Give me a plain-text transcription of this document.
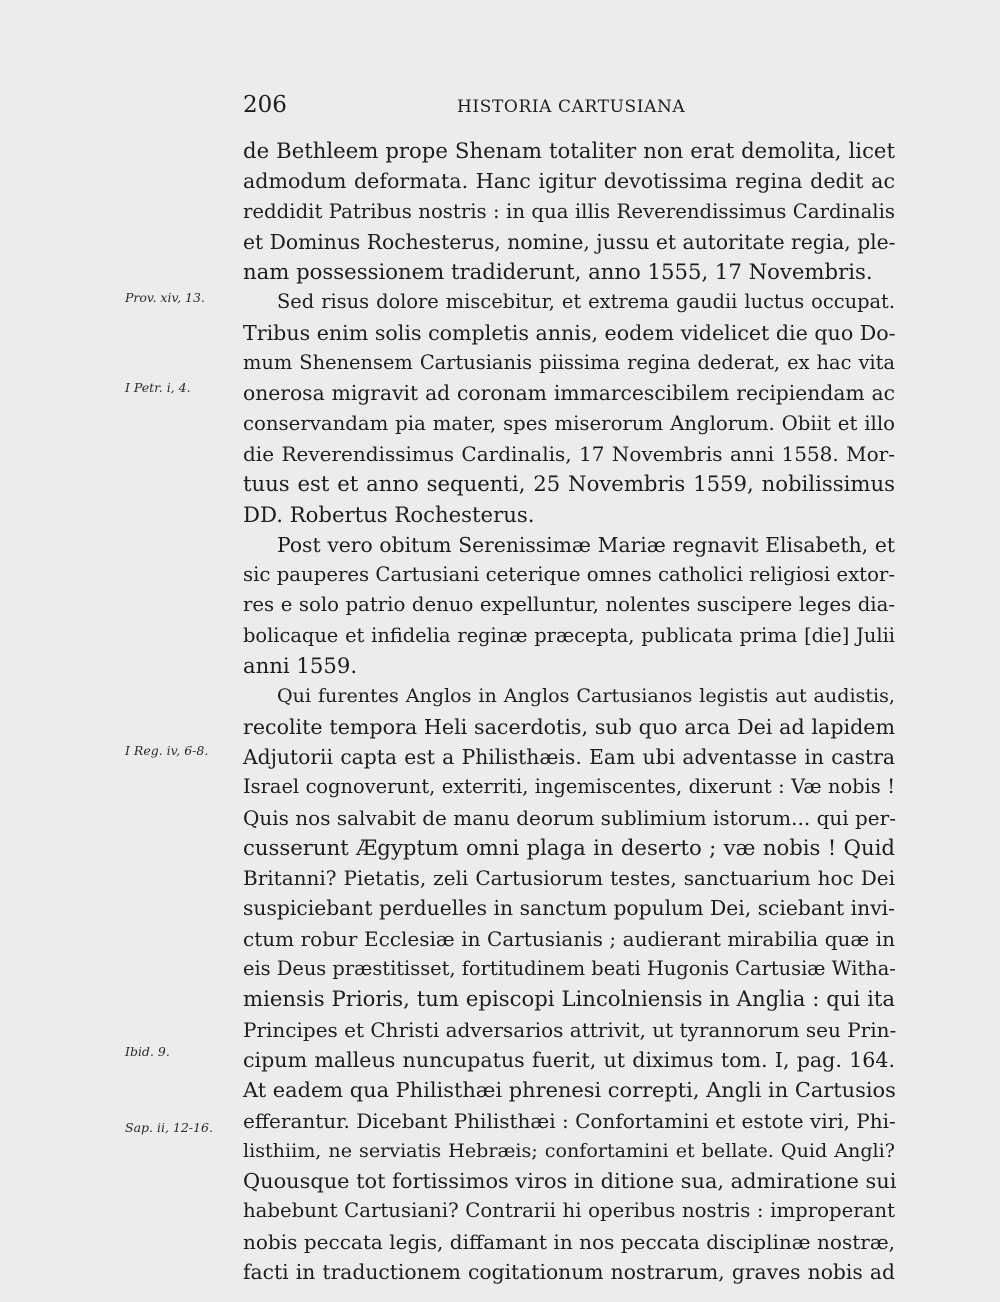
206	HISTORIA CARTUSIANA
Prov. xiv, 13.
I Petr. i, 4.
I Reg. iv, 6-8.
Ibid. 9.
Sap. ii, 12-16.
de Bethleem prope Shenam totaliter non erat demolita, licet
admodum deformata. Hanc igitur devotissima regina dedit ac
reddidit Patribus nostris : in qua illis Reverendissimus Cardinalis
et Dominus Rochesterus, nomine, jussu et autoritate regia, ple-
nam possessionem tradiderunt, anno 1555, 17 Novembris.
Sed risus dolore miscebitur, et extrema gaudii luctus occupat.
Tribus enim solis completis annis, eodem videlicet die quo Do-
mum Shenensem Cartusianis piissima regina dederat, ex hac vita
onerosa migravit ad coronam immarcescibilem recipiendam ac
conservandam pia mater, spes miserorum Anglorum. Obiit et illo
die Reverendissimus Cardinalis, 17 Novembris anni 1558. Mor-
tuus est et anno sequenti, 25 Novembris 1559, nobilissimus
DD. Robertus Rochesterus.
Post vero obitum Serenissimæ Mariæ regnavit Elisabeth, et
sic pauperes Cartusiani ceterique omnes catholici religiosi extor-
res e solo patrio denuo expelluntur, nolentes suscipere leges dia-
bolicaque et infidelia reginæ præcepta, publicata prima [die] Julii
anni 1559.
Qui furentes Anglos in Anglos Cartusianos legistis aut audistis,
recolite tempora Heli sacerdotis, sub quo arca Dei ad lapidem
Adjutorii capta est a Philisthæis. Eam ubi adventasse in castra
Israel cognoverunt, exterriti, ingemiscentes, dixerunt : Væ nobis !
Quis nos salvabit de manu deorum sublimium istorum... qui per-
cusserunt Ægyptum omni plaga in deserto ; væ nobis ! Quid
Britanni? Pietatis, zeli Cartusiorum testes, sanctuarium hoc Dei
suspiciebant perduelles in sanctum populum Dei, sciebant invi-
ctum robur Ecclesiæ in Cartusianis ; audierant mirabilia quæ in
eis Deus præstitisset, fortitudinem beati Hugonis Cartusiæ Witha-
miensis Prioris, tum episcopi Lincolniensis in Anglia : qui ita
Principes et Christi adversarios attrivit, ut tyrannorum seu Prin-
cipum malleus nuncupatus fuerit, ut diximus tom. I, pag. 164.
At eadem qua Philisthæi phrenesi correpti, Angli in Cartusios
efferantur. Dicebant Philisthæi : Confortamini et estote viri, Phi-
listhiim, ne serviatis Hebræis; confortamini et bellate. Quid Angli?
Quousque tot fortissimos viros in ditione sua, admiratione sui
habebunt Cartusiani? Contrarii hi operibus nostris : improperant
nobis peccata legis, diffamant in nos peccata disciplinæ nostræ,
facti in traductionem cogitationum nostrarum, graves nobis ad
